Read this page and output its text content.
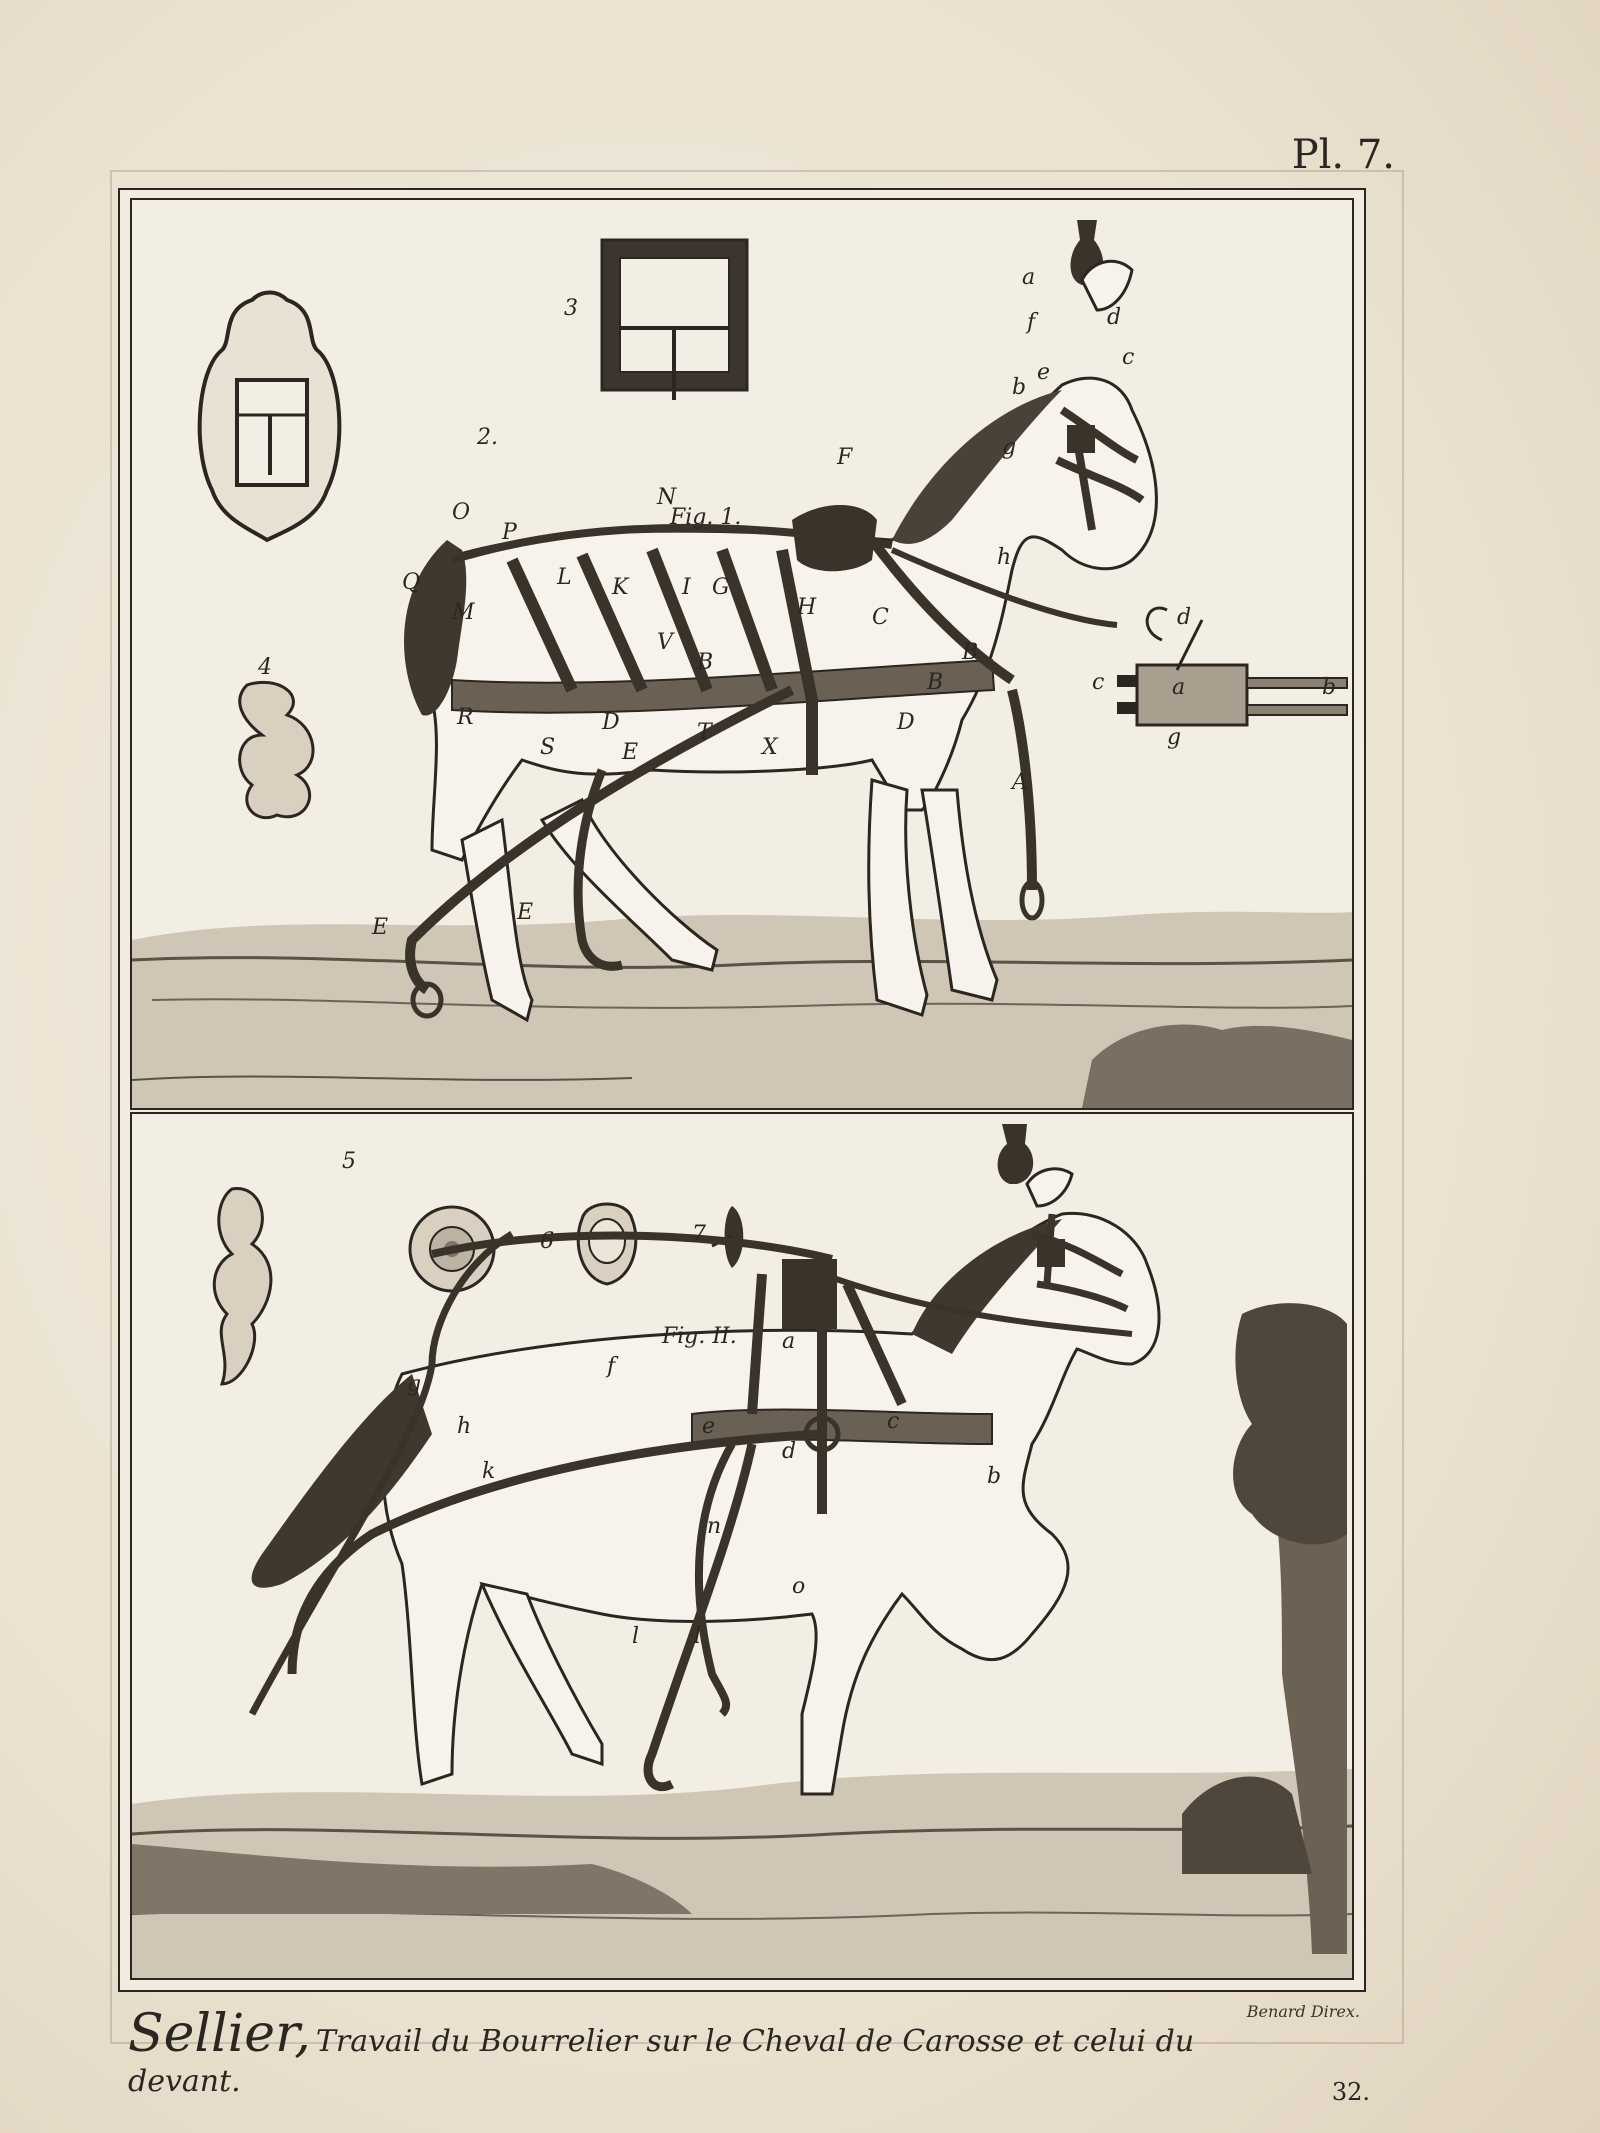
Pl. 7.
Fig. 1.
2.
3
4
a
b
c
d
e
f
g
h
A
B
B
B
C
D
D
E
E
E
F
G
H
I
K
L
M
N
O
P
Q
R
S
T
V
X
d
c	a	b
g
5
6	7
Fig. II. a
b
c
d
e
f
g
h
k
l l
n
o
Sellier, Travail du Bourrelier sur le Cheval de Carosse et celui du devant.
Benard Direx.
32.
